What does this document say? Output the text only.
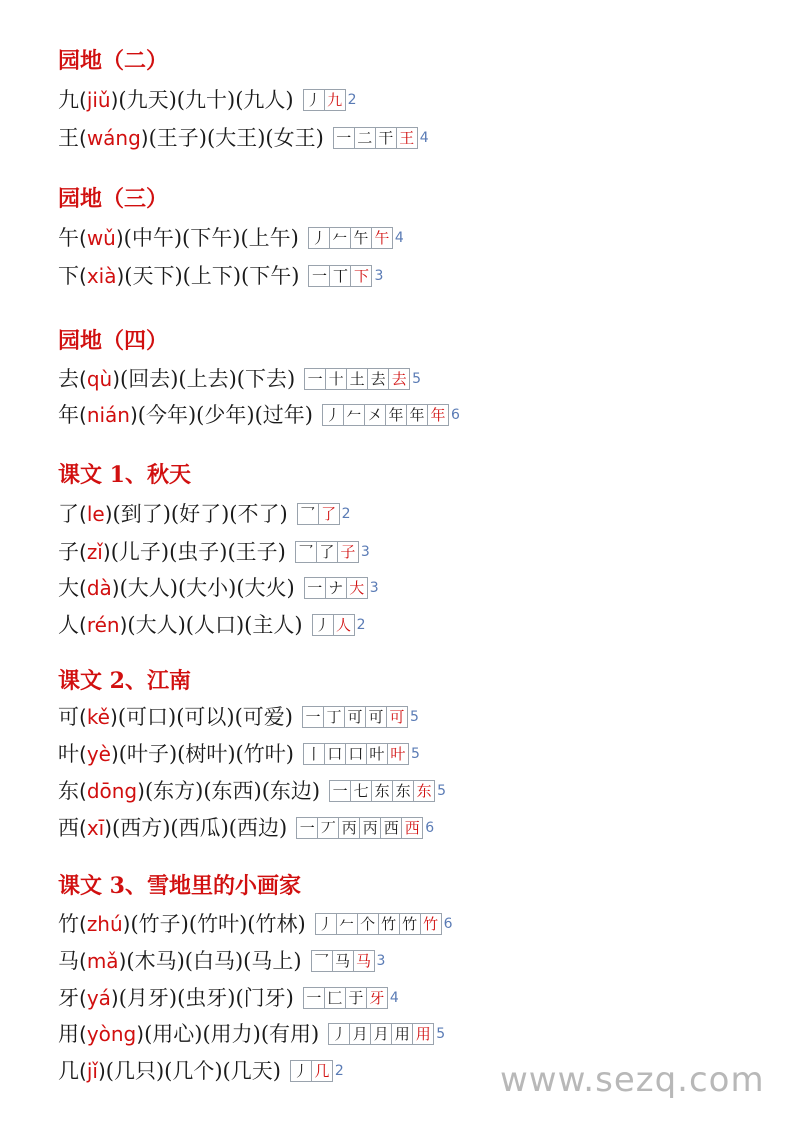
园地（二）
九 ( jiǔ ) (九天)(九十)(九人) 丿 九 2
王 ( wáng ) (王子)(大王)(女王) 一 二 干 王 4
园地（三）
午 ( wǔ ) (中午)(下午)(上午) 丿 𠂉 午 午 4
下 ( xià ) (天下)(上下)(下午) 一 丅 下 3
园地（四）
去 ( qù ) (回去)(上去)(下去) 一 十 土 去 去 5
年 ( nián ) (今年)(少年)(过年) 丿 𠂉 㐅 年 年 年 6
课文 1、秋天
了 ( le ) (到了)(好了)(不了) 乛 了 2
子 ( zǐ ) (儿子)(虫子)(王子) 乛 了 子 3
大 ( dà ) (大人)(大小)(大火) 一 ナ 大 3
人 ( rén ) (大人)(人口)(主人) 丿 人 2
课文 2、江南
可 ( kě ) (可口)(可以)(可爱) 一 丁 可 可 可 5
叶 ( yè ) (叶子)(树叶)(竹叶) 丨 口 口 叶 叶 5
东 ( dōng ) (东方)(东西)(东边) 一 七 东 东 东 5
西 ( xī ) (西方)(西瓜)(西边) 一 丆 丙 丙 西 西 6
课文 3、雪地里的小画家
竹 ( zhú ) (竹子)(竹叶)(竹林) 丿 𠂉 个 竹 竹 竹 6
马 ( mǎ ) (木马)(白马)(马上) 乛 马 马 3
牙 ( yá ) (月牙)(虫牙)(门牙) 一 匚 于 牙 4
用 ( yòng ) (用心)(用力)(有用) 丿 月 月 用 用 5
几 ( jǐ ) (几只)(几个)(几天) 丿 几 2	www.sezq.com
